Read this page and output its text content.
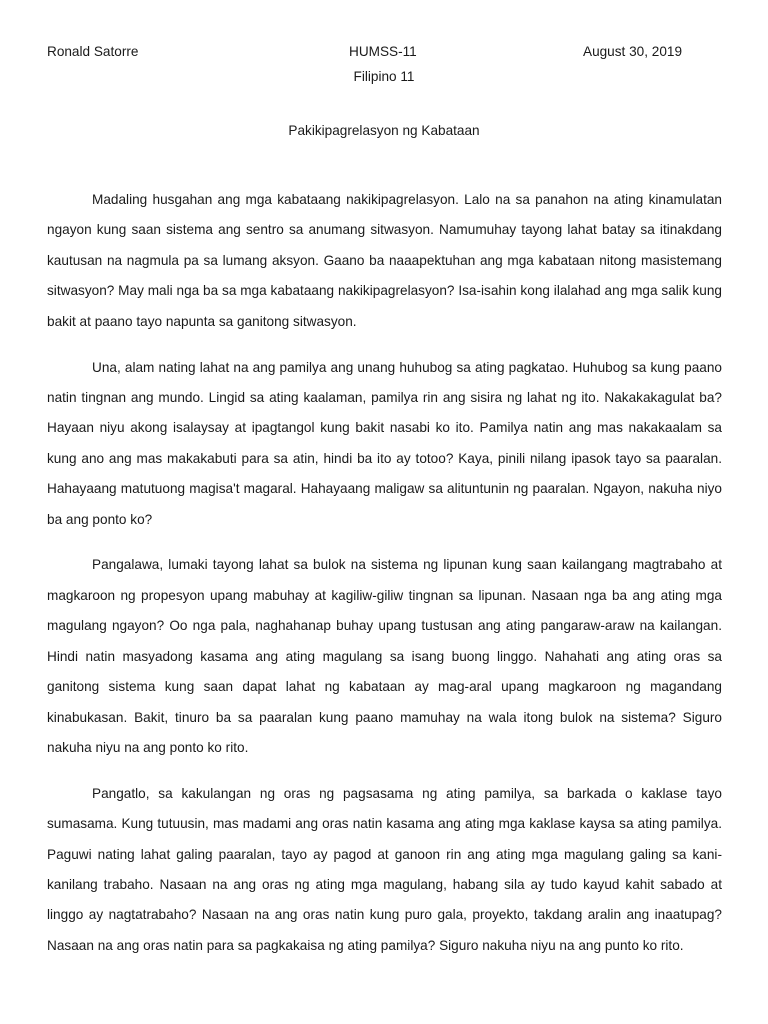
Ronald Satorre	HUMSS-11	August 30, 2019
Filipino 11
Pakikipagrelasyon ng Kabataan

Madaling husgahan ang mga kabataang nakikipagrelasyon. Lalo na sa panahon na ating kinamulatan ngayon kung saan sistema ang sentro sa anumang sitwasyon. Namumuhay tayong lahat batay sa itinakdang kautusan na nagmula pa sa lumang aksyon. Gaano ba naaapektuhan ang mga kabataan nitong masistemang sitwasyon? May mali nga ba sa mga kabataang nakikipagrelasyon? Isa-isahin kong ilalahad ang mga salik kung bakit at paano tayo napunta sa ganitong sitwasyon.

Una, alam nating lahat na ang pamilya ang unang huhubog sa ating pagkatao. Huhubog sa kung paano natin tingnan ang mundo. Lingid sa ating kaalaman, pamilya rin ang sisira ng lahat ng ito. Nakakakagulat ba? Hayaan niyu akong isalaysay at ipagtangol kung bakit nasabi ko ito. Pamilya natin ang mas nakakaalam sa kung ano ang mas makakabuti para sa atin, hindi ba ito ay totoo? Kaya, pinili nilang ipasok tayo sa paaralan. Hahayaang matutuong magisa't magaral. Hahayaang maligaw sa alituntunin ng paaralan. Ngayon, nakuha niyo ba ang ponto ko?

Pangalawa, lumaki tayong lahat sa bulok na sistema ng lipunan kung saan kailangang magtrabaho at magkaroon ng propesyon upang mabuhay at kagiliw-giliw tingnan sa lipunan. Nasaan nga ba ang ating mga magulang ngayon? Oo nga pala, naghahanap buhay upang tustusan ang ating pangaraw-araw na kailangan. Hindi natin masyadong kasama ang ating magulang sa isang buong linggo. Nahahati ang ating oras sa ganitong sistema kung saan dapat lahat ng kabataan ay mag-aral upang magkaroon ng magandang kinabukasan. Bakit, tinuro ba sa paaralan kung paano mamuhay na wala itong bulok na sistema? Siguro nakuha niyu na ang ponto ko rito.

Pangatlo, sa kakulangan ng oras ng pagsasama ng ating pamilya, sa barkada o kaklase tayo sumasama. Kung tutuusin, mas madami ang oras natin kasama ang ating mga kaklase kaysa sa ating pamilya. Paguwi nating lahat galing paaralan, tayo ay pagod at ganoon rin ang ating mga magulang galing sa kani-kanilang trabaho. Nasaan na ang oras ng ating mga magulang, habang sila ay tudo kayud kahit sabado at linggo ay nagtatrabaho? Nasaan na ang oras natin kung puro gala, proyekto, takdang aralin ang inaatupag? Nasaan na ang oras natin para sa pagkakaisa ng ating pamilya? Siguro nakuha niyu na ang punto ko rito.
